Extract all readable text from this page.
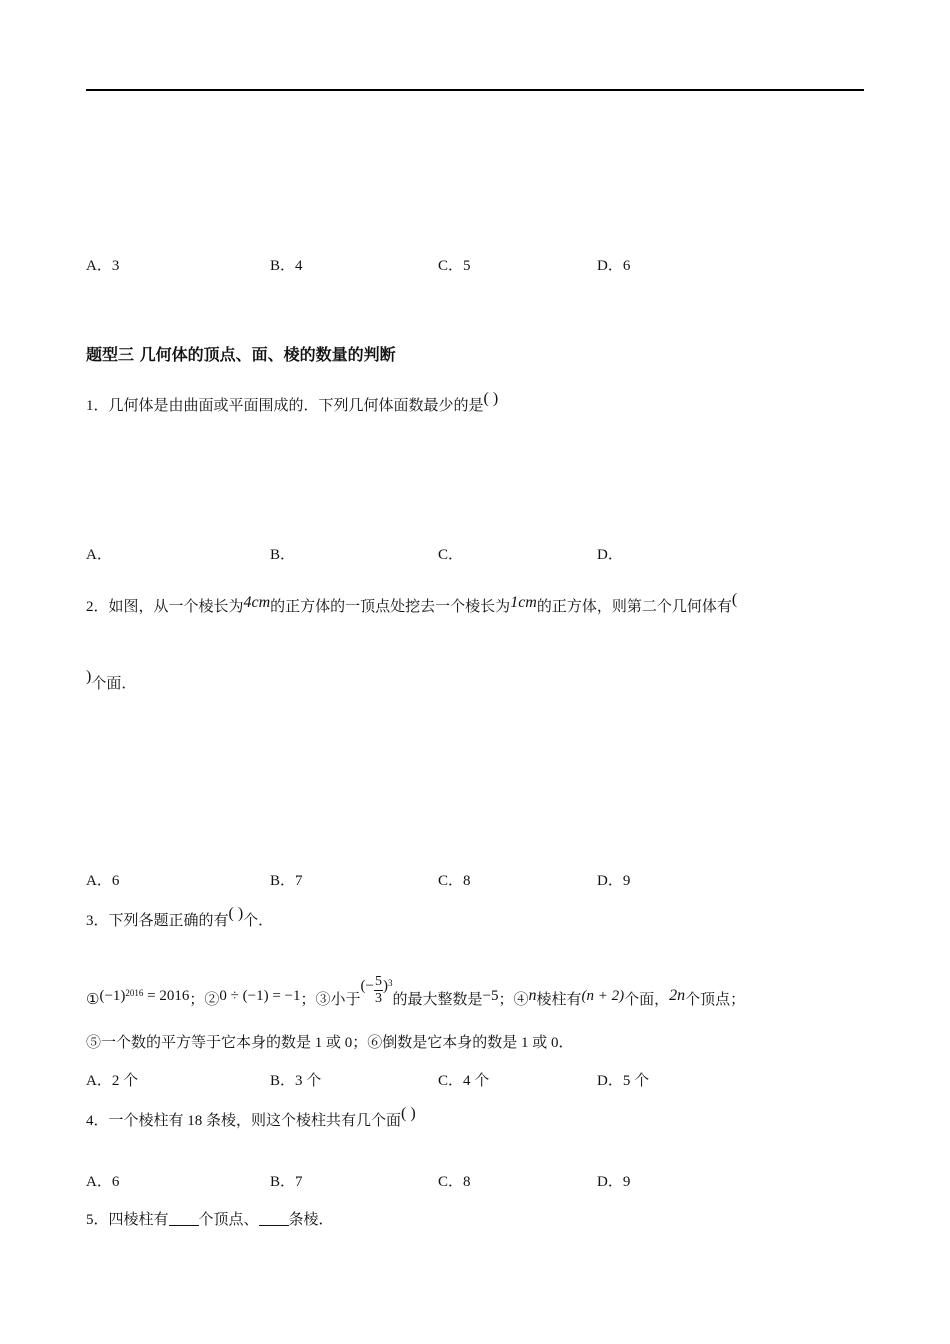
A．3	B．4	C．5	D．6
题型三 几何体的顶点、面、棱的数量的判断
1．几何体是由曲面或平面围成的．下列几何体面数最少的是( )
A．	B．	C．	D．
2．如图，从一个棱长为4cm的正方体的一顶点处挖去一个棱长为1cm的正方体，则第二个几何体有(
)个面．
A．6	B．7	C．8	D．9
3．下列各题正确的有( )个．
$①(-1)^{2016} = 2016$；②0 ÷ (−1) = −1；③小于(− $\frac{5}{3} )^3$的最大整数是−5；④n棱柱有(n + 2)个面，2n个顶点；
⑤一个数的平方等于它本身的数是 1 或 0；⑥倒数是它本身的数是 1 或 0．
A．2 个	B．3 个	C．4 个	D．5 个
4．一个棱柱有 18 条棱，则这个棱柱共有几个面( )
A．6	B．7	C．8	D．9
5．四棱柱有 个顶点、 条棱．
